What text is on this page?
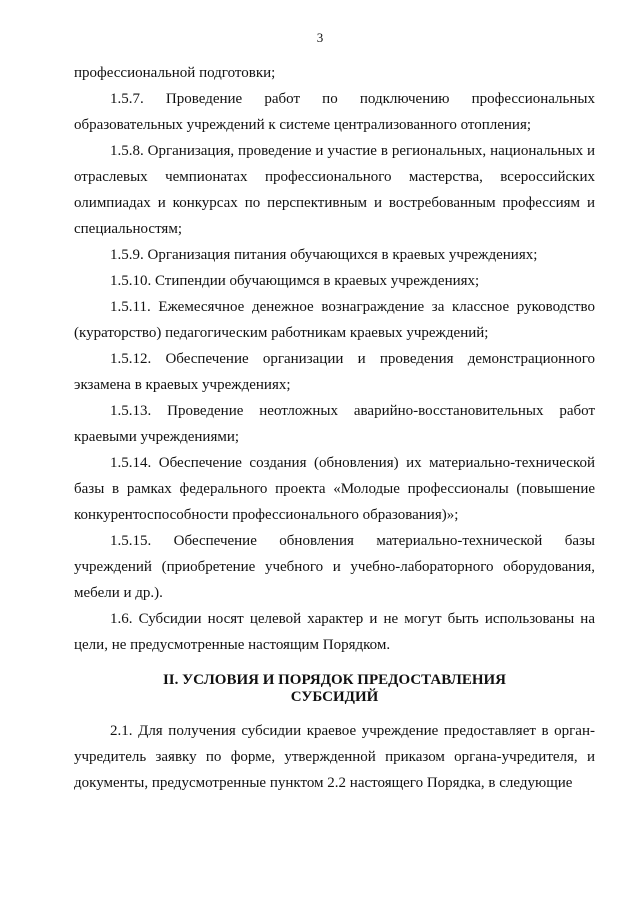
3

профессиональной подготовки;

1.5.7. Проведение работ по подключению профессиональных образовательных учреждений к системе централизованного отопления;

1.5.8. Организация, проведение и участие в региональных, национальных и отраслевых чемпионатах профессионального мастерства, всероссийских олимпиадах и конкурсах по перспективным и востребованным профессиям и специальностям;

1.5.9. Организация питания обучающихся в краевых учреждениях;

1.5.10. Стипендии обучающимся в краевых учреждениях;

1.5.11. Ежемесячное денежное вознаграждение за классное руководство (кураторство) педагогическим работникам краевых учреждений;

1.5.12. Обеспечение организации и проведения демонстрационного экзамена в краевых учреждениях;

1.5.13. Проведение неотложных аварийно-восстановительных работ краевыми учреждениями;

1.5.14. Обеспечение создания (обновления) их материально-технической базы в рамках федерального проекта «Молодые профессионалы (повышение конкурентоспособности профессионального образования)»;

1.5.15. Обеспечение обновления материально-технической базы учреждений (приобретение учебного и учебно-лабораторного оборудования, мебели и др.).

1.6. Субсидии носят целевой характер и не могут быть использованы на цели, не предусмотренные настоящим Порядком.

II. УСЛОВИЯ И ПОРЯДОК ПРЕДОСТАВЛЕНИЯ
СУБСИДИЙ

2.1. Для получения субсидии краевое учреждение предоставляет в орган-учредитель заявку по форме, утвержденной приказом органа-учредителя, и документы, предусмотренные пунктом 2.2 настоящего Порядка, в следующие
